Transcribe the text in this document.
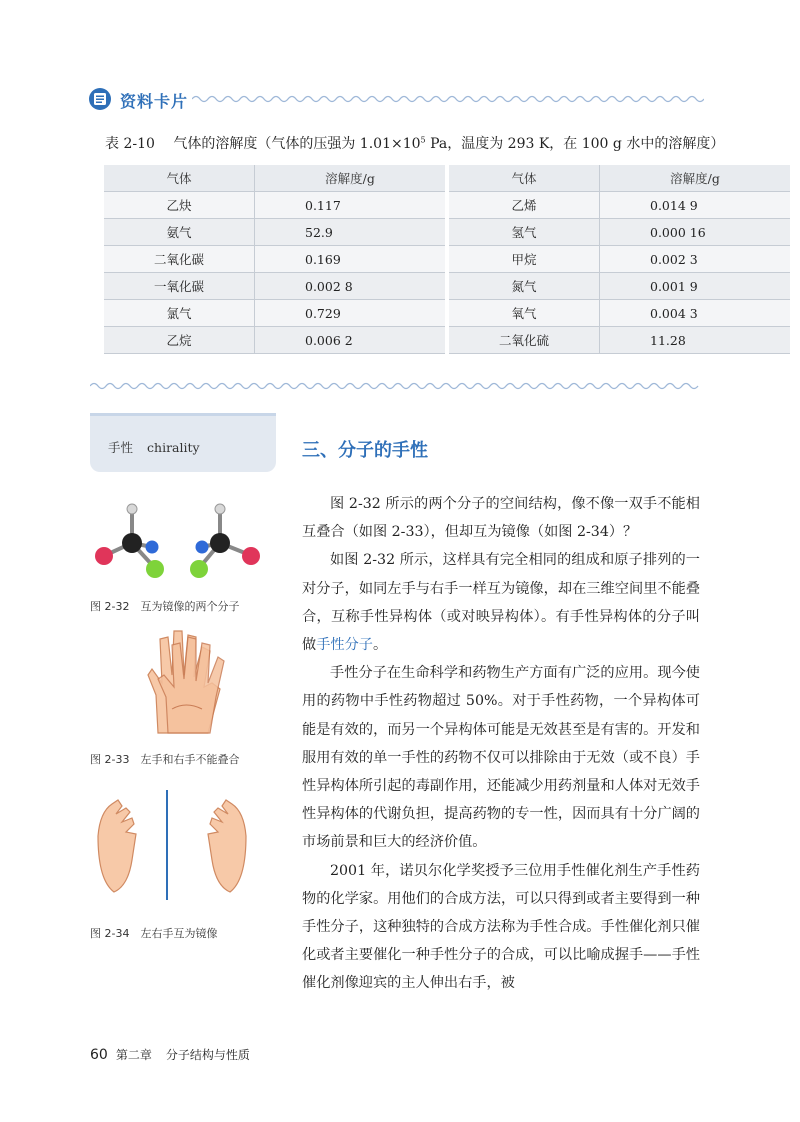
资料卡片
表 2-10　 气体的溶解度（气体的压强为 $1.01\times 10^5$ Pa，温度为 293 K，在 100 g 水中的溶解度）
气体	溶解度/g		气体	溶解度/g
乙炔	0.117		乙烯	0.014 9
氨气	52.9		氢气	0.000 16
二氧化碳	0.169		甲烷	0.002 3
一氧化碳	0.002 8		氮气	0.001 9
氯气	0.729		氧气	0.004 3
乙烷	0.006 2		二氧化硫	11.28
手性 chirality
图 2-32　互为镜像的两个分子
图 2-33　左手和右手不能叠合
图 2-34　左右手互为镜像
三、分子的手性

图 2-32 所示的两个分子的空间结构，像不像一双手不能相互叠合（如图 2-33），但却互为镜像（如图 2-34）？

如图 2-32 所示，这样具有完全相同的组成和原子排列的一对分子，如同左手与右手一样互为镜像，却在三维空间里不能叠合，互称手性异构体（或对映异构体）。有手性异构体的分子叫做手性分子。

手性分子在生命科学和药物生产方面有广泛的应用。现今使用的药物中手性药物超过 50%。对于手性药物，一个异构体可能是有效的，而另一个异构体可能是无效甚至是有害的。开发和服用有效的单一手性的药物不仅可以排除由于无效（或不良）手性异构体所引起的毒副作用，还能减少用药剂量和人体对无效手性异构体的代谢负担，提高药物的专一性，因而具有十分广阔的市场前景和巨大的经济价值。

2001 年，诺贝尔化学奖授予三位用手性催化剂生产手性药物的化学家。用他们的合成方法，可以只得到或者主要得到一种手性分子，这种独特的合成方法称为手性合成。手性催化剂只催化或者主要催化一种手性分子的合成，可以比喻成握手——手性催化剂像迎宾的主人伸出右手，被

60 第二章 分子结构与性质
